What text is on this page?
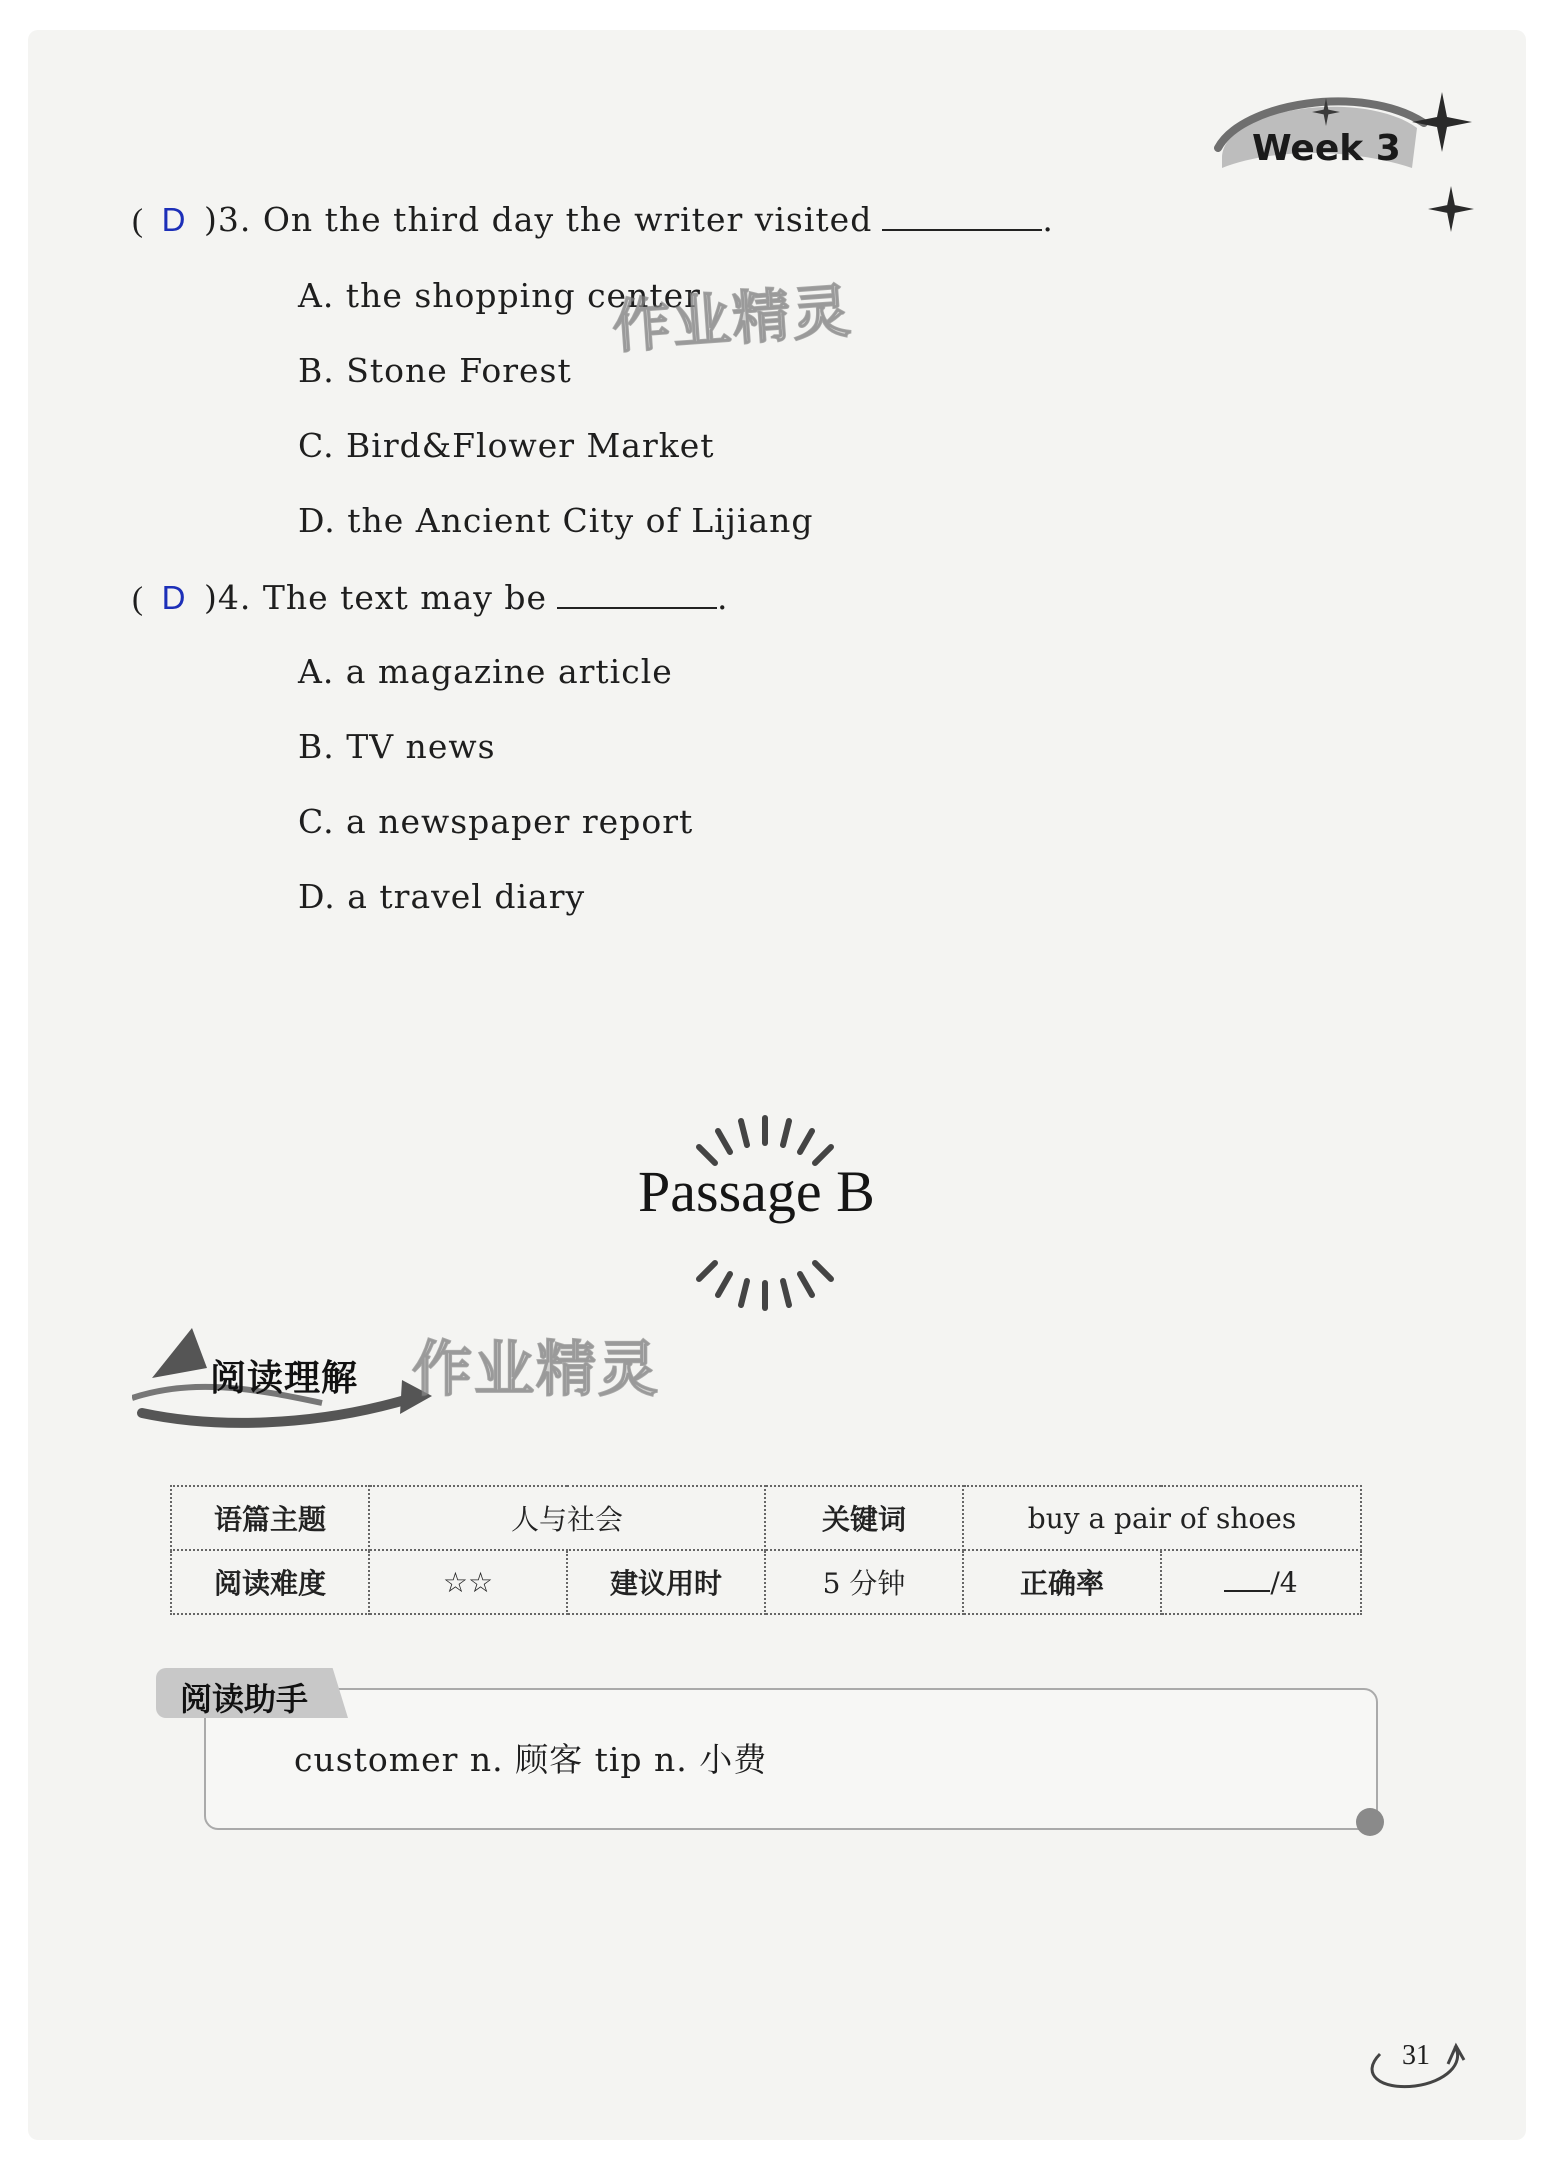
Week 3
( D )3. On the third day the writer visited	.
A. the shopping center
B. Stone Forest
C. Bird&Flower Market
D. the Ancient City of Lijiang
作业精灵
( D )4. The text may be	.
A. a magazine article
B. TV news
C. a newspaper report
D. a travel diary
Passage B
阅读理解 作业精灵
语篇主题	人与社会		关键词	buy a pair of shoes	
阅读难度	☆☆	建议用时	5 分钟	正确率	/4
阅读助手
customer n. 顾客 tip n. 小费
31
